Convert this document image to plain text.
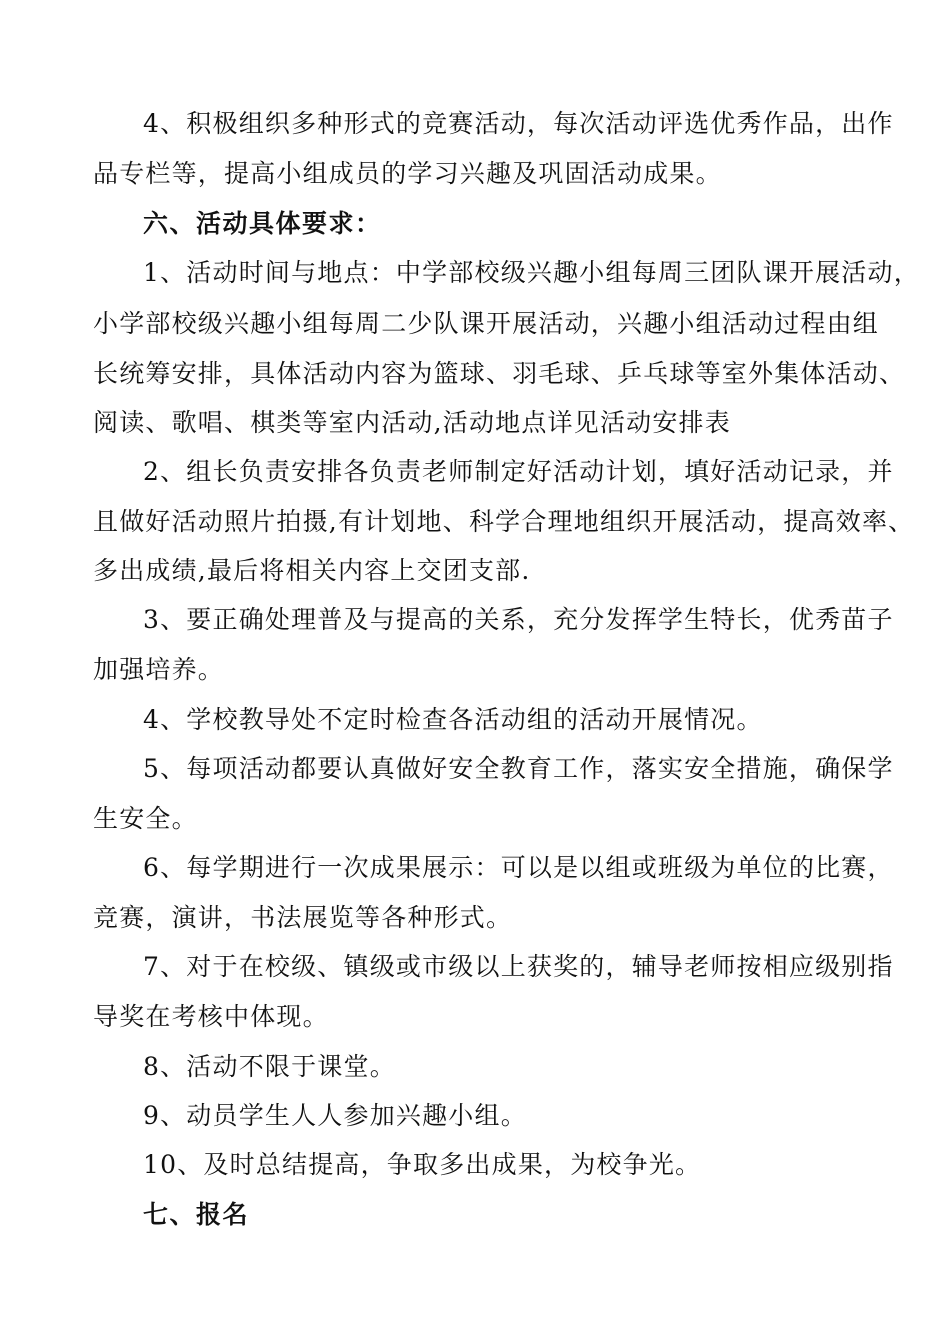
4、积极组织多种形式的竞赛活动，每次活动评选优秀作品，出作
品专栏等，提高小组成员的学习兴趣及巩固活动成果。
六、活动具体要求：
1、活动时间与地点：中学部校级兴趣小组每周三团队课开展活动，
小学部校级兴趣小组每周二少队课开展活动，兴趣小组活动过程由组
长统筹安排，具体活动内容为篮球、羽毛球、乒乓球等室外集体活动、
阅读、歌唱、棋类等室内活动,活动地点详见活动安排表
2、组长负责安排各负责老师制定好活动计划，填好活动记录，并
且做好活动照片拍摄,有计划地、科学合理地组织开展活动，提高效率、
多出成绩,最后将相关内容上交团支部.
3、要正确处理普及与提高的关系，充分发挥学生特长，优秀苗子
加强培养。
4、学校教导处不定时检查各活动组的活动开展情况。
5、每项活动都要认真做好安全教育工作，落实安全措施，确保学
生安全。
6、每学期进行一次成果展示：可以是以组或班级为单位的比赛，
竞赛，演讲，书法展览等各种形式。
7、对于在校级、镇级或市级以上获奖的，辅导老师按相应级别指
导奖在考核中体现。
8、活动不限于课堂。
9、动员学生人人参加兴趣小组。
10、及时总结提高，争取多出成果，为校争光。
七、报名
